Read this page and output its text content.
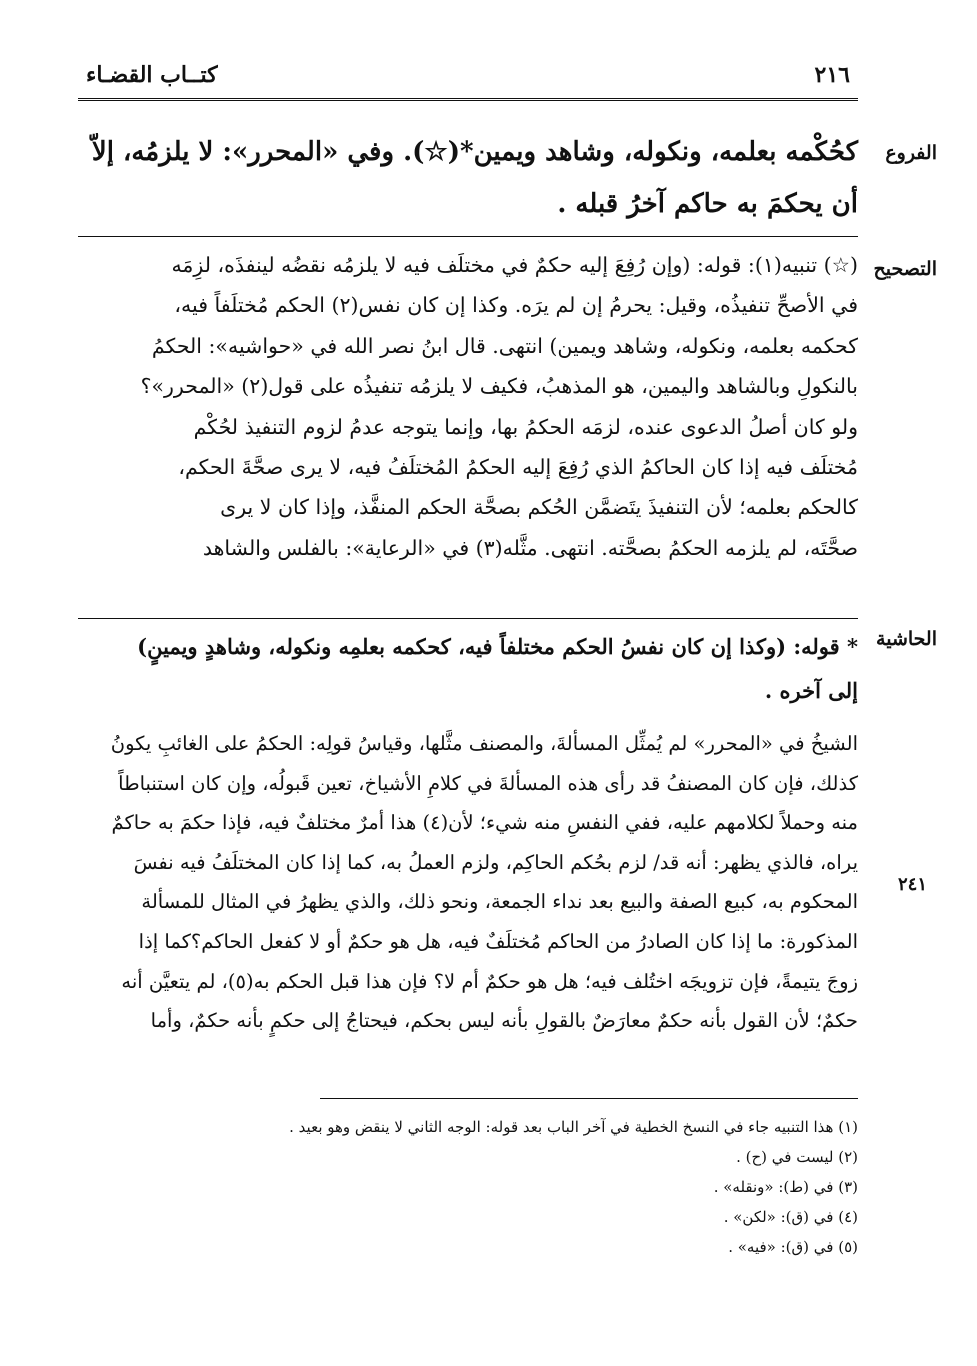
٢١٦
كتــاب القضـاء
الفروع

كحُكْمه بعلمه، ونكوله، وشاهد ويمين*(☆). وفي «المحرر»: لا يلزمُه، إلاّ

أن يحكمَ به حاكم آخرُ قبله .

التصحيح

(☆) تنبيه(١): قوله: (وإن رُفِعَ إليه حكمٌ في مختلَف فيه لا يلزمُه نقضُه لينفذَه، لزِمَه

في الأصحِّ تنفيذُه، وقيل: يحرمُ إن لم يرَه. وكذا إن كان نفس(٢) الحكم مُختلَفاً فيه،

كحكمه بعلمه، ونكوله، وشاهد ويمين) انتهى. قال ابنُ نصر الله في «حواشيه»: الحكمُ

بالنكولِ وبالشاهد واليمين، هو المذهبُ، فكيف لا يلزمُه تنفيذُه على قول(٢) «المحرر»؟

ولو كان أصلُ الدعوى عنده، لزمَه الحكمُ بها، وإنما يتوجه عدمُ لزوم التنفيذ لحُكْم

مُختلَف فيه إذا كان الحاكمُ الذي رُفِعَ إليه الحكمُ المُختلَفُ فيه، لا يرى صحَّةَ الحكم،

كالحكم بعلمه؛ لأن التنفيذَ يتَضمَّن الحُكم بصحَّة الحكم المنفَّذ، وإذا كان لا يرى

صحَّتَه، لم يلزمه الحكمُ بصحَّته. انتهى. مثَّله(٣) في «الرعاية»: بالفلس والشاهد

الحاشية

* قوله: (وكذا إن كان نفسُ الحكم مختلفاً فيه، كحكمه بعلمِه ونكوله، وشاهدٍ ويمينٍ)

إلى آخره .

الشيخُ في «المحرر» لم يُمثِّل المسألةَ، والمصنف مثَّلها، وقياسُ قولِه: الحكمُ على الغائبِ يكونُ

كذلك، فإن كان المصنفُ قد رأى هذه المسألةَ في كلامِ الأشياخ، تعين قَبولُه، وإن كان استنباطاً

منه وحملاً لكلامهم عليه، ففي النفسِ منه شيء؛ لأن(٤) هذا أمرٌ مختلفٌ فيه، فإذا حكمَ به حاكمٌ

يراه، فالذي يظهر: أنه قد/ لزم بحُكم الحاكِم، ولزم العملُ به، كما إذا كان المختلَفُ فيه نفسَ

المحكوم به، كبيع الصفة والبيع بعد نداء الجمعة، ونحو ذلك، والذي يظهرُ في المثال للمسألة

المذكورة: ما إذا كان الصادرُ من الحاكم مُختلَفٌ فيه، هل هو حكمٌ أو لا كفعل الحاكم؟كما إذا

زوجَ يتيمةً، فإن تزويجَه اختُلف فيه؛ هل هو حكمٌ أم لا؟ فإن هذا قبل الحكم به(٥)، لم يتعيَّن أنه

حكمٌ؛ لأن القول بأنه حكمٌ معارَضٌ بالقولِ بأنه ليس بحكم، فيحتاجُ إلى حكمٍ بأنه حكمٌ، وأما

٢٤١
(١) هذا التنبيه جاء في النسخ الخطية في آخر الباب بعد قوله: الوجه الثاني لا ينقض وهو بعيد .
(٢) ليست في (ح) .
(٣) في (ط): «ونقله» .
(٤) في (ق): «لكن» .
(٥) في (ق): «فيه» .
